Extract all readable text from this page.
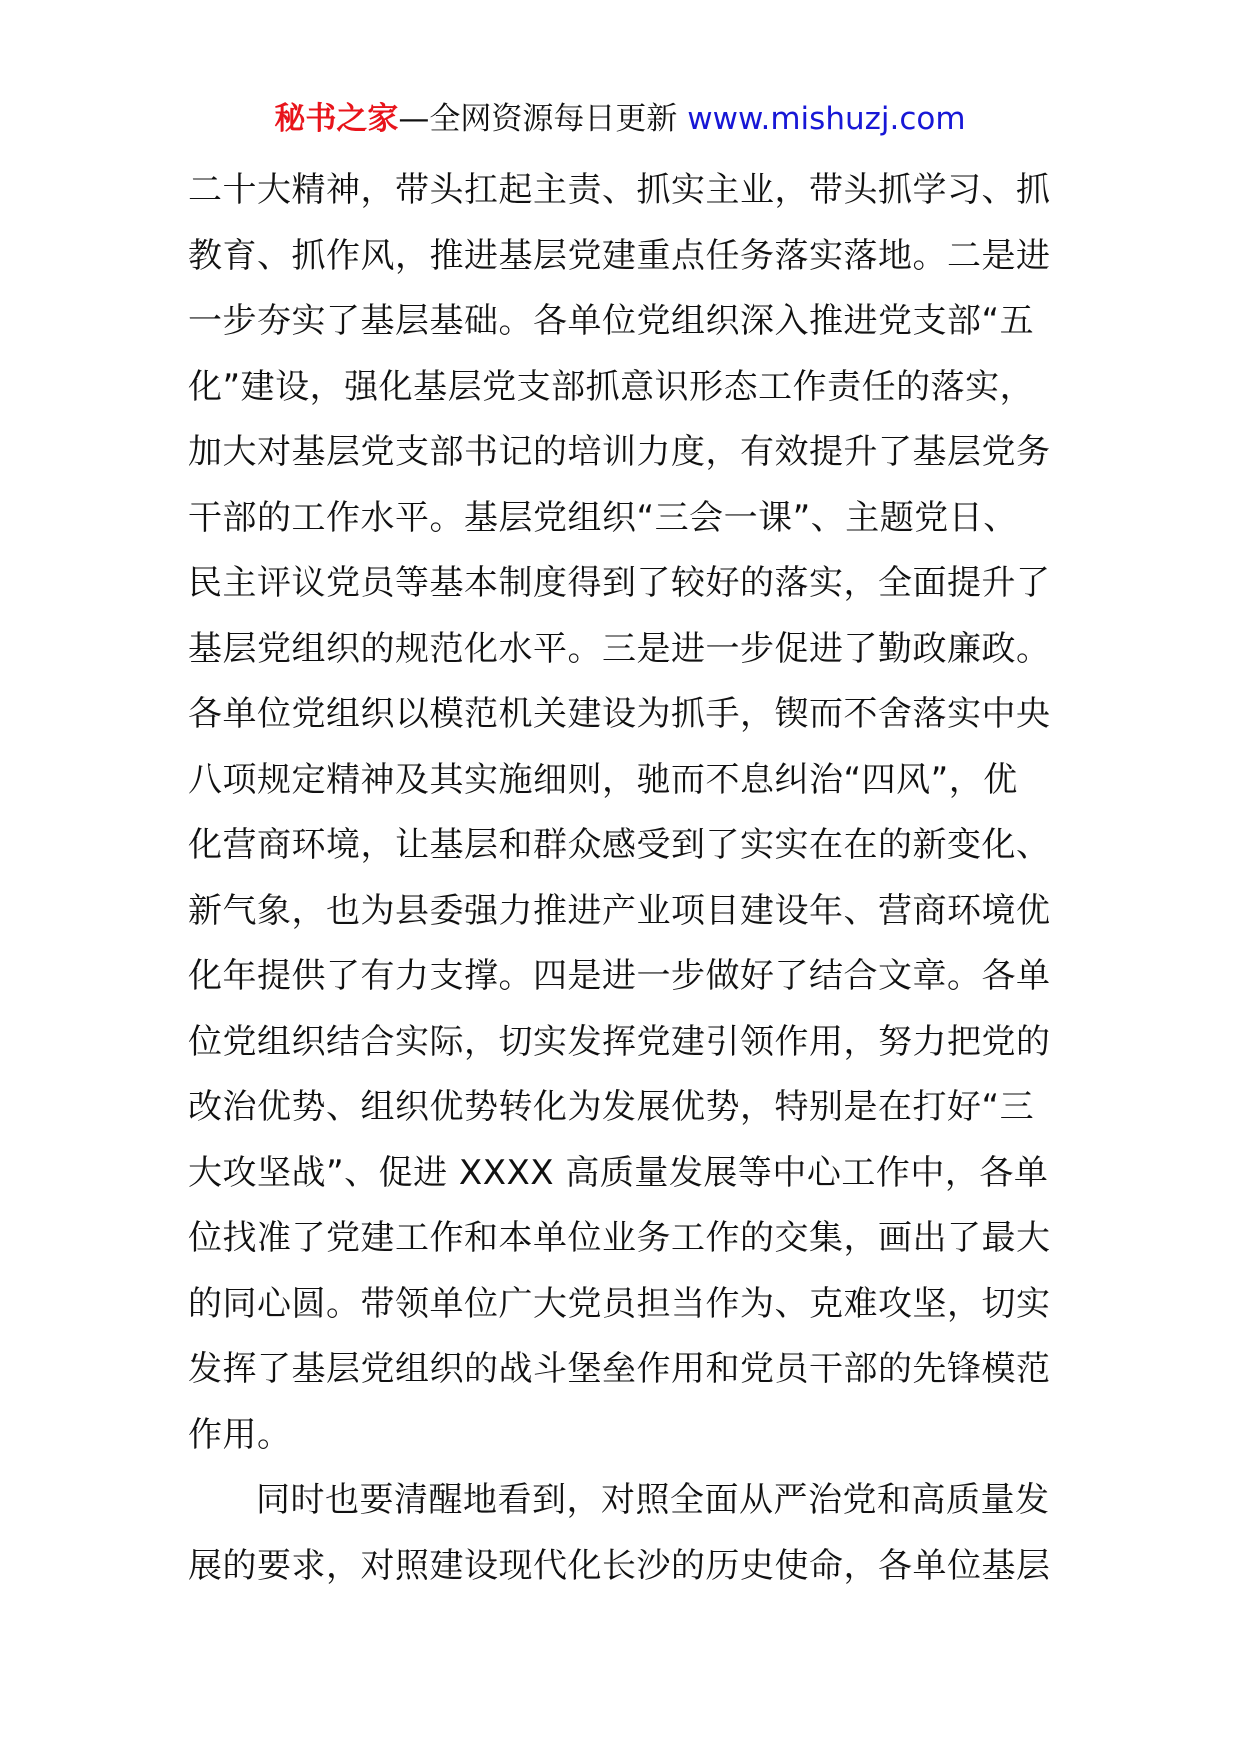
秘书之家—全网资源每日更新 www.mishuzj.com
二十大精神，带头扛起主责、抓实主业，带头抓学习、抓
教育、抓作风，推进基层党建重点任务落实落地。二是进
一步夯实了基层基础。各单位党组织深入推进党支部“五
化”建设，强化基层党支部抓意识形态工作责任的落实，
加大对基层党支部书记的培训力度，有效提升了基层党务
干部的工作水平。基层党组织“三会一课”、主题党日、
民主评议党员等基本制度得到了较好的落实，全面提升了
基层党组织的规范化水平。三是进一步促进了勤政廉政。
各单位党组织以模范机关建设为抓手，锲而不舍落实中央
八项规定精神及其实施细则，驰而不息纠治“四风”，优
化营商环境，让基层和群众感受到了实实在在的新变化、
新气象，也为县委强力推进产业项目建设年、营商环境优
化年提供了有力支撑。四是进一步做好了结合文章。各单
位党组织结合实际，切实发挥党建引领作用，努力把党的
改治优势、组织优势转化为发展优势，特别是在打好“三
大攻坚战”、促进 XXXX 高质量发展等中心工作中，各单
位找准了党建工作和本单位业务工作的交集，画出了最大
的同心圆。带领单位广大党员担当作为、克难攻坚，切实
发挥了基层党组织的战斗堡垒作用和党员干部的先锋模范
作用。
同时也要清醒地看到，对照全面从严治党和高质量发
展的要求，对照建设现代化长沙的历史使命，各单位基层
